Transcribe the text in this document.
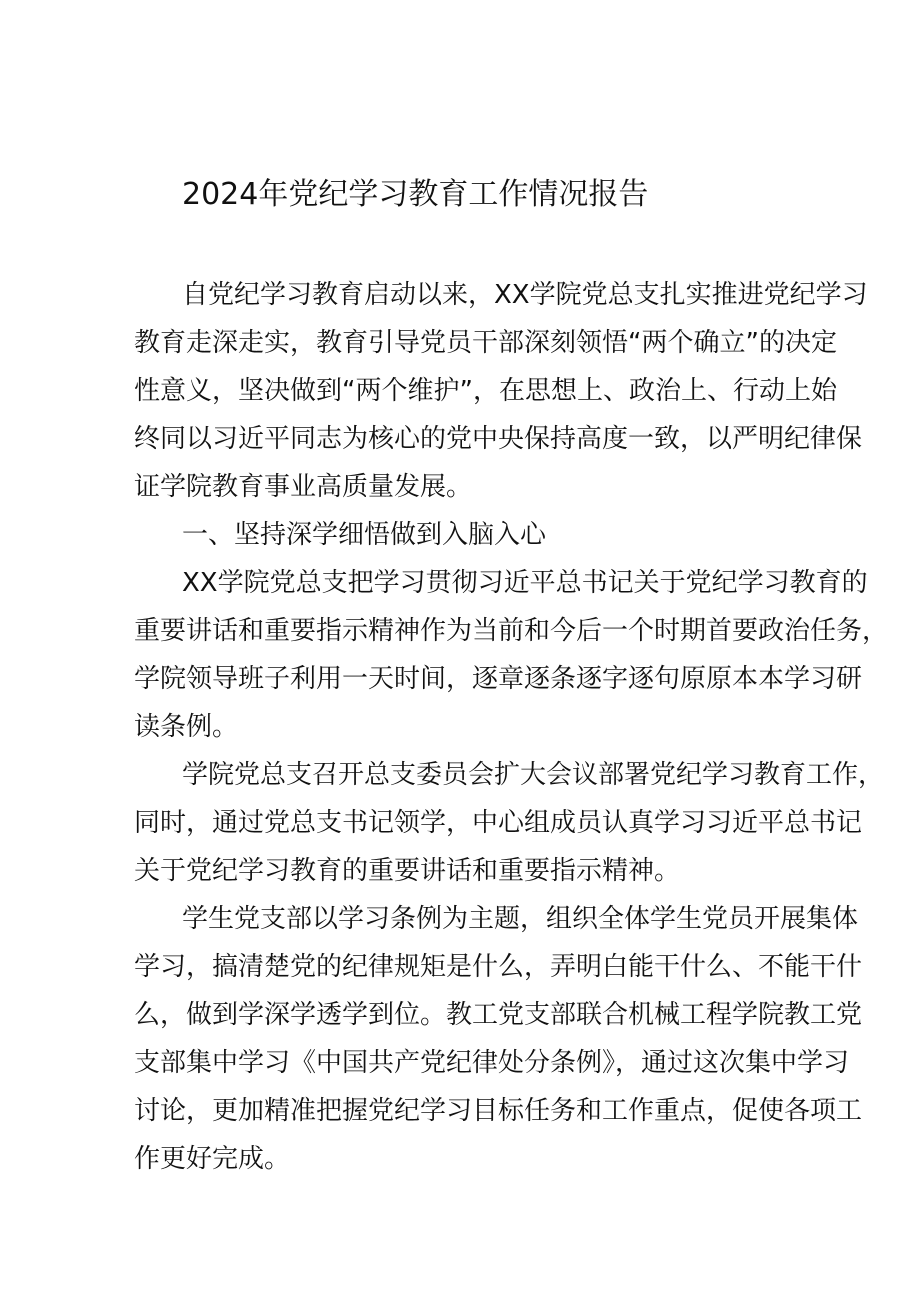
2024年党纪学习教育工作情况报告

自党纪学习教育启动以来，XX学院党总支扎实推进党纪学习

教育走深走实，教育引导党员干部深刻领悟“两个确立”的决定

性意义，坚决做到“两个维护”，在思想上、政治上、行动上始

终同以习近平同志为核心的党中央保持高度一致，以严明纪律保

证学院教育事业高质量发展。

一、坚持深学细悟做到入脑入心

XX学院党总支把学习贯彻习近平总书记关于党纪学习教育的

重要讲话和重要指示精神作为当前和今后一个时期首要政治任务，

学院领导班子利用一天时间，逐章逐条逐字逐句原原本本学习研

读条例。

学院党总支召开总支委员会扩大会议部署党纪学习教育工作，

同时，通过党总支书记领学，中心组成员认真学习习近平总书记

关于党纪学习教育的重要讲话和重要指示精神。

学生党支部以学习条例为主题，组织全体学生党员开展集体

学习，搞清楚党的纪律规矩是什么，弄明白能干什么、不能干什

么，做到学深学透学到位。教工党支部联合机械工程学院教工党

支部集中学习《中国共产党纪律处分条例》，通过这次集中学习

讨论，更加精准把握党纪学习目标任务和工作重点，促使各项工

作更好完成。
